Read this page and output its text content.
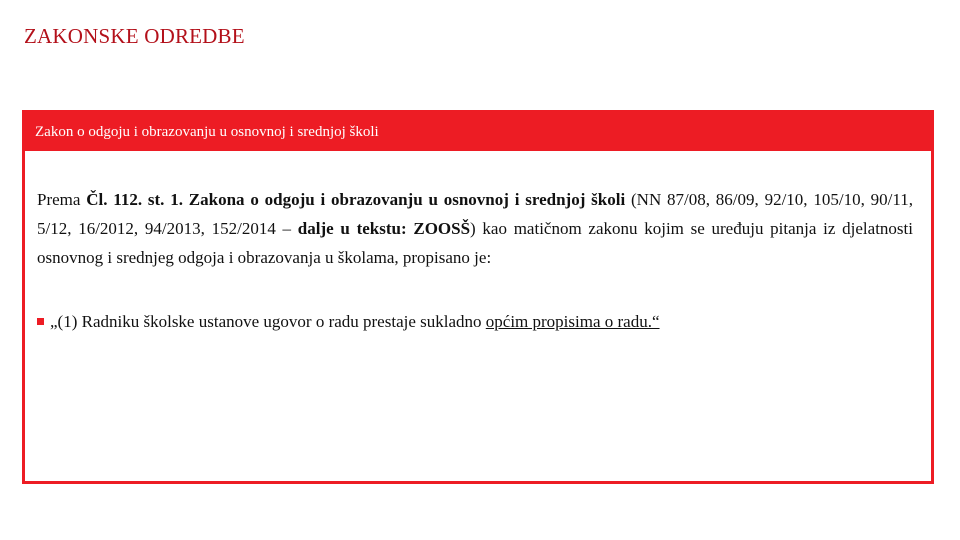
ZAKONSKE ODREDBE
Zakon o odgoju i obrazovanju u osnovnoj i srednjoj školi

Prema Čl. 112. st. 1. Zakona o odgoju i obrazovanju u osnovnoj i srednjoj školi (NN 87/08, 86/09, 92/10, 105/10, 90/11, 5/12, 16/2012, 94/2013, 152/2014 – dalje u tekstu: ZOOSŠ) kao matičnom zakonu kojim se uređuju pitanja iz djelatnosti osnovnog i srednjeg odgoja i obrazovanja u školama, propisano je:

„(1) Radniku školske ustanove ugovor o radu prestaje sukladno općim propisima o radu.“
